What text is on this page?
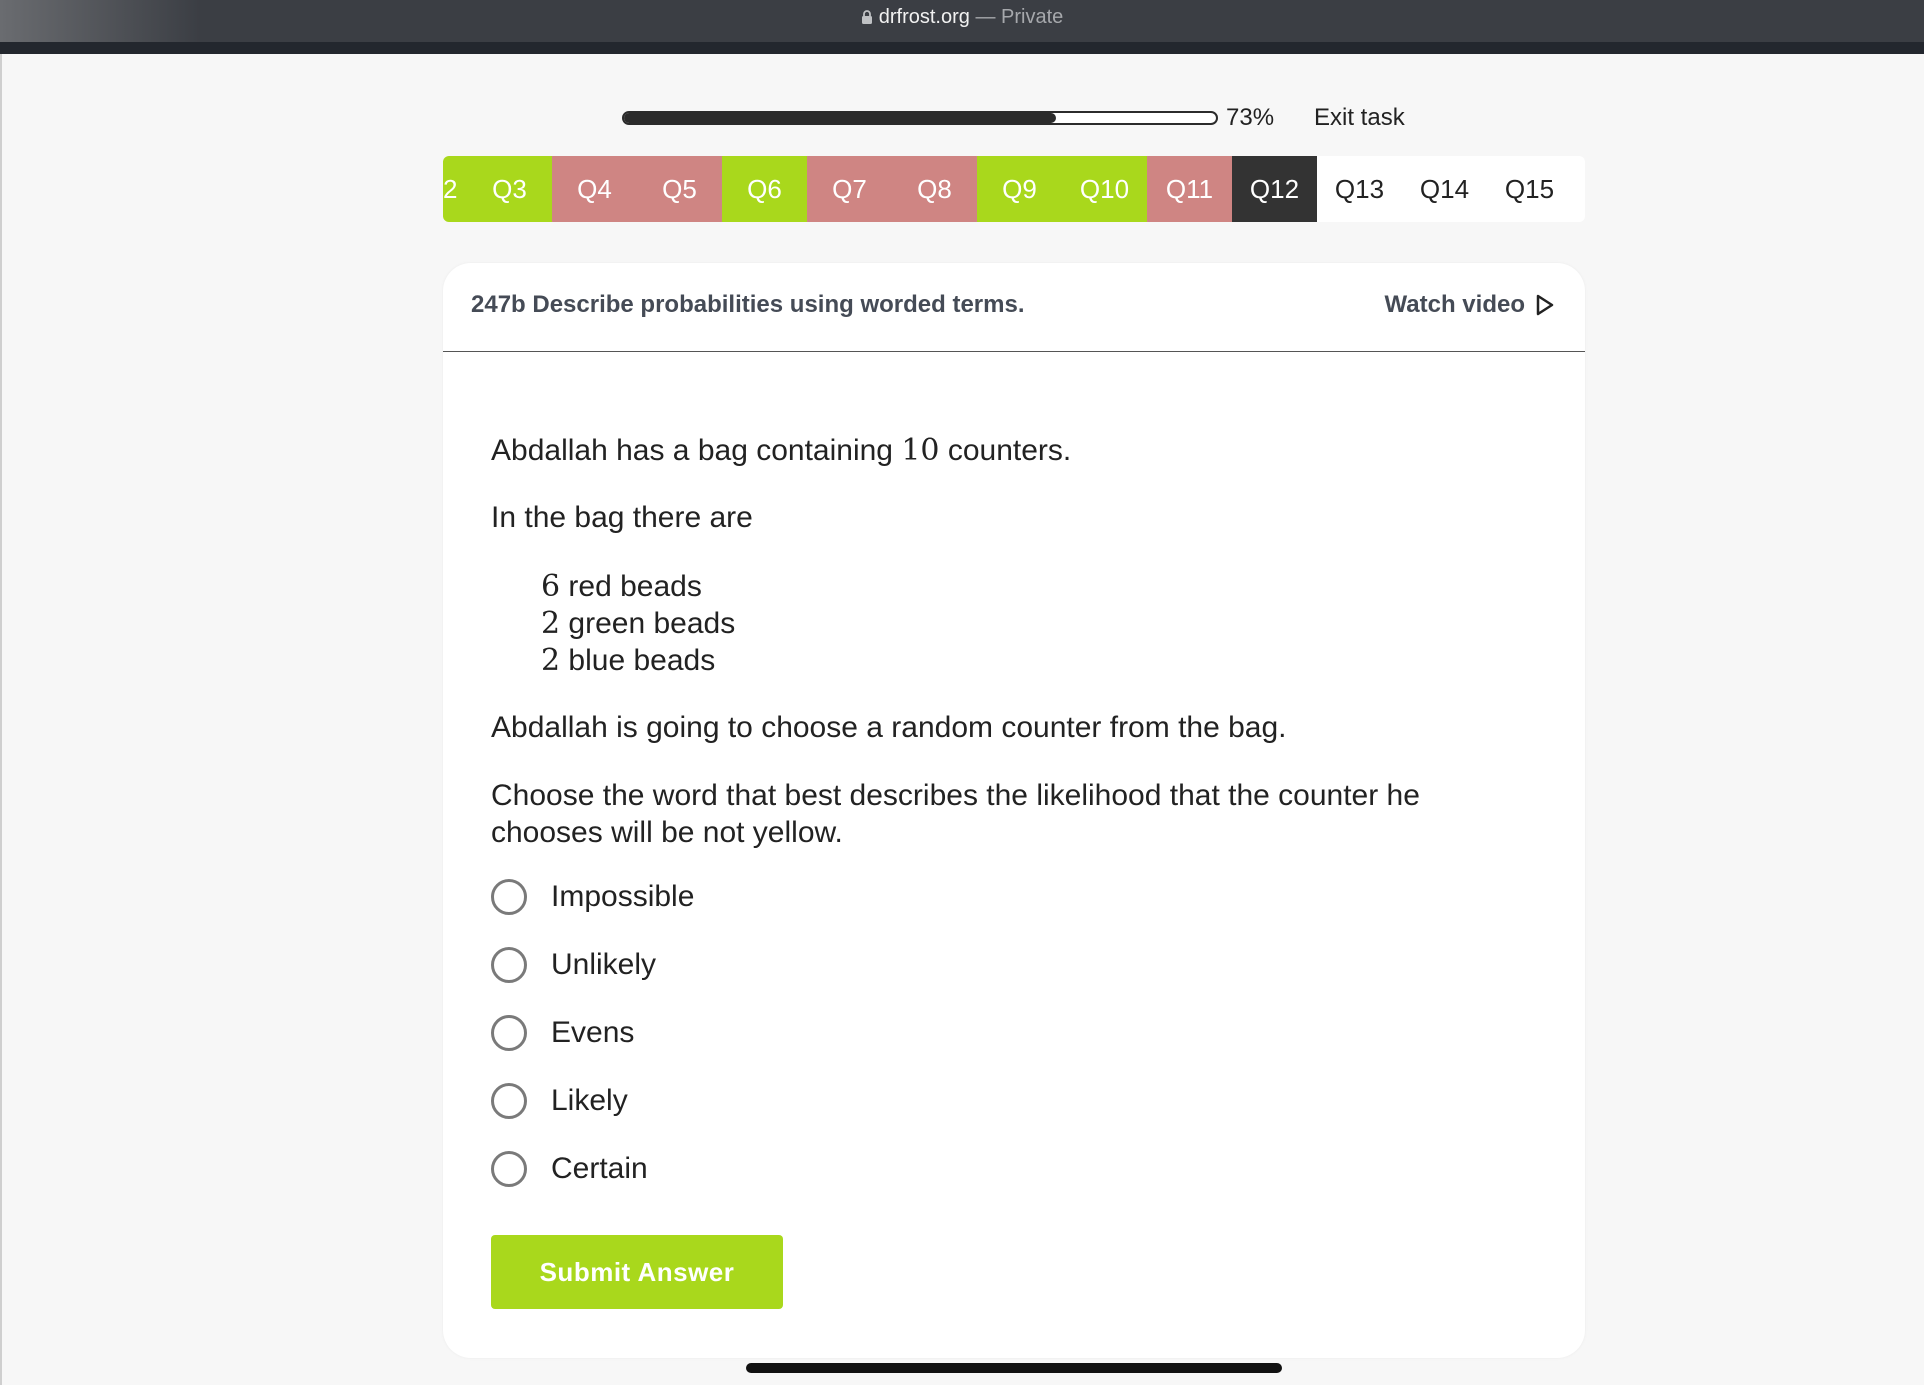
drfrost.org — Private
73% Exit task
2	Q3	Q4	Q5	Q6	Q7	Q8	Q9	Q10	Q11	Q12	Q13	Q14	Q15
247b Describe probabilities using worded terms.	Watch video
Abdallah has a bag containing 10 counters.
In the bag there are
6 red beads
2 green beads
2 blue beads
Abdallah is going to choose a random counter from the bag.
Choose the word that best describes the likelihood that the counter he
chooses will be not yellow.
Impossible
Unlikely
Evens
Likely
Certain
Submit Answer
